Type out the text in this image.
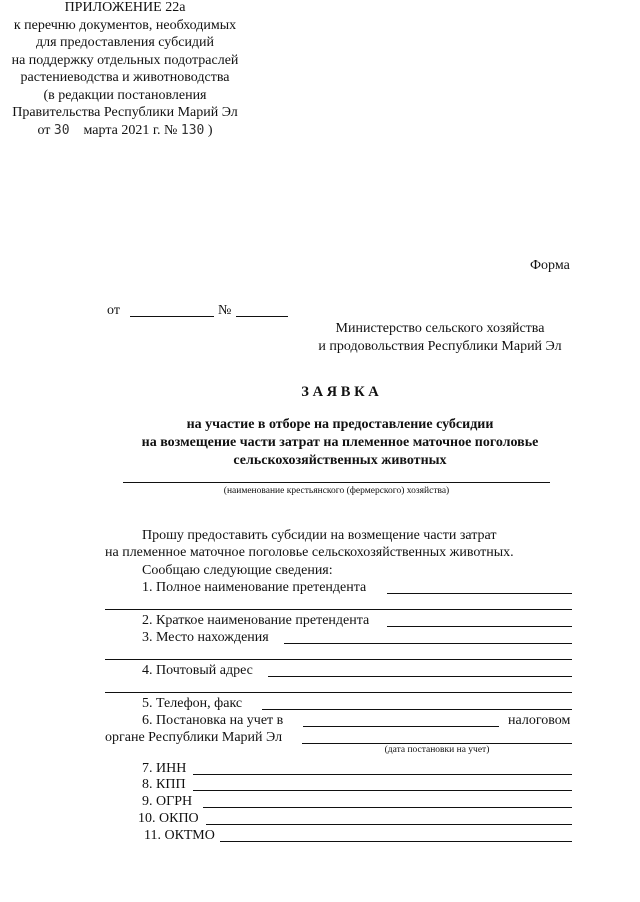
ПРИЛОЖЕНИЕ 22а
к перечню документов, необходимых
для предоставления субсидий
на поддержку отдельных подотраслей
растениеводства и животноводства
(в редакции постановления
Правительства Республики Марий Эл
от 30 марта 2021 г. № 130 )
Форма
от	№
Министерство сельского хозяйства
и продовольствия Республики Марий Эл
З А Я В К А
на участие в отборе на предоставление субсидии
на возмещение части затрат на племенное маточное поголовье
сельскохозяйственных животных
(наименование крестьянского (фермерского) хозяйства)
Прошу предоставить субсидии на возмещение части затрат
на племенное маточное поголовье сельскохозяйственных животных.
Сообщаю следующие сведения:
1. Полное наименование претендента
2. Краткое наименование претендента
3. Место нахождения
4. Почтовый адрес
5. Телефон, факс
6. Постановка на учет в	налоговом
органе Республики Марий Эл
(дата постановки на учет)
7. ИНН
8. КПП
9. ОГРН
10. ОКПО
11. ОКТМО
